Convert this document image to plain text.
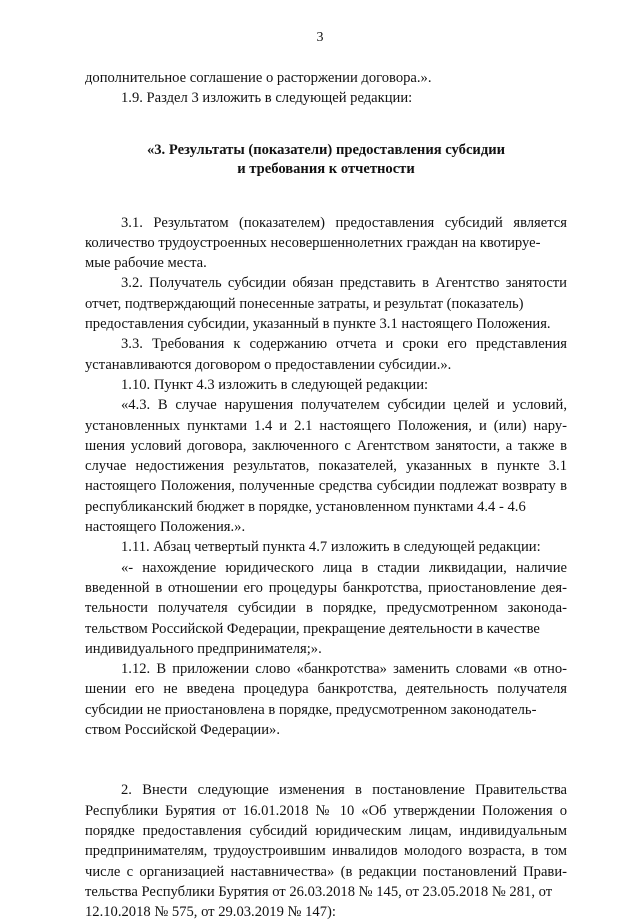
3

дополнительное соглашение о расторжении договора.».

1.9. Раздел 3 изложить в следующей редакции:

«3. Результаты (показатели) предоставления субсидии
и требования к отчетности

3.1. Результатом (показателем) предоставления субсидий является количество трудоустроенных несовершеннолетних граждан на квотируе-

мые рабочие места.

3.2. Получатель субсидии обязан представить в Агентство занятости отчет, подтверждающий понесенные затраты, и результат (показатель)

предоставления субсидии, указанный в пункте 3.1 настоящего Положения.

3.3. Требования к содержанию отчета и сроки его представления

устанавливаются договором о предоставлении субсидии.».

1.10. Пункт 4.3 изложить в следующей редакции:

«4.3. В случае нарушения получателем субсидии целей и условий, установленных пунктами 1.4 и 2.1 настоящего Положения, и (или) нару- шения условий договора, заключенного с Агентством занятости, а также в случае недостижения результатов, показателей, указанных в пункте 3.1 настоящего Положения, полученные средства субсидии подлежат возврату в республиканский бюджет в порядке, установленном пунктами 4.4 - 4.6

настоящего Положения.».

1.11. Абзац четвертый пункта 4.7 изложить в следующей редакции:

«- нахождение юридического лица в стадии ликвидации, наличие введенной в отношении его процедуры банкротства, приостановление дея- тельности получателя субсидии в порядке, предусмотренном законода- тельством Российской Федерации, прекращение деятельности в качестве

индивидуального предпринимателя;».

1.12. В приложении слово «банкротства» заменить словами «в отно- шении его не введена процедура банкротства, деятельность получателя субсидии не приостановлена в порядке, предусмотренном законодатель-

ством Российской Федерации».

2. Внести следующие изменения в постановление Правительства Республики Бурятия от 16.01.2018 № 10 «Об утверждении Положения о порядке предоставления субсидий юридическим лицам, индивидуальным предпринимателям, трудоустроившим инвалидов молодого возраста, в том числе с организацией наставничества» (в редакции постановлений Прави- тельства Республики Бурятия от 26.03.2018 № 145, от 23.05.2018 № 281, от

12.10.2018 № 575, от 29.03.2019 № 147):
